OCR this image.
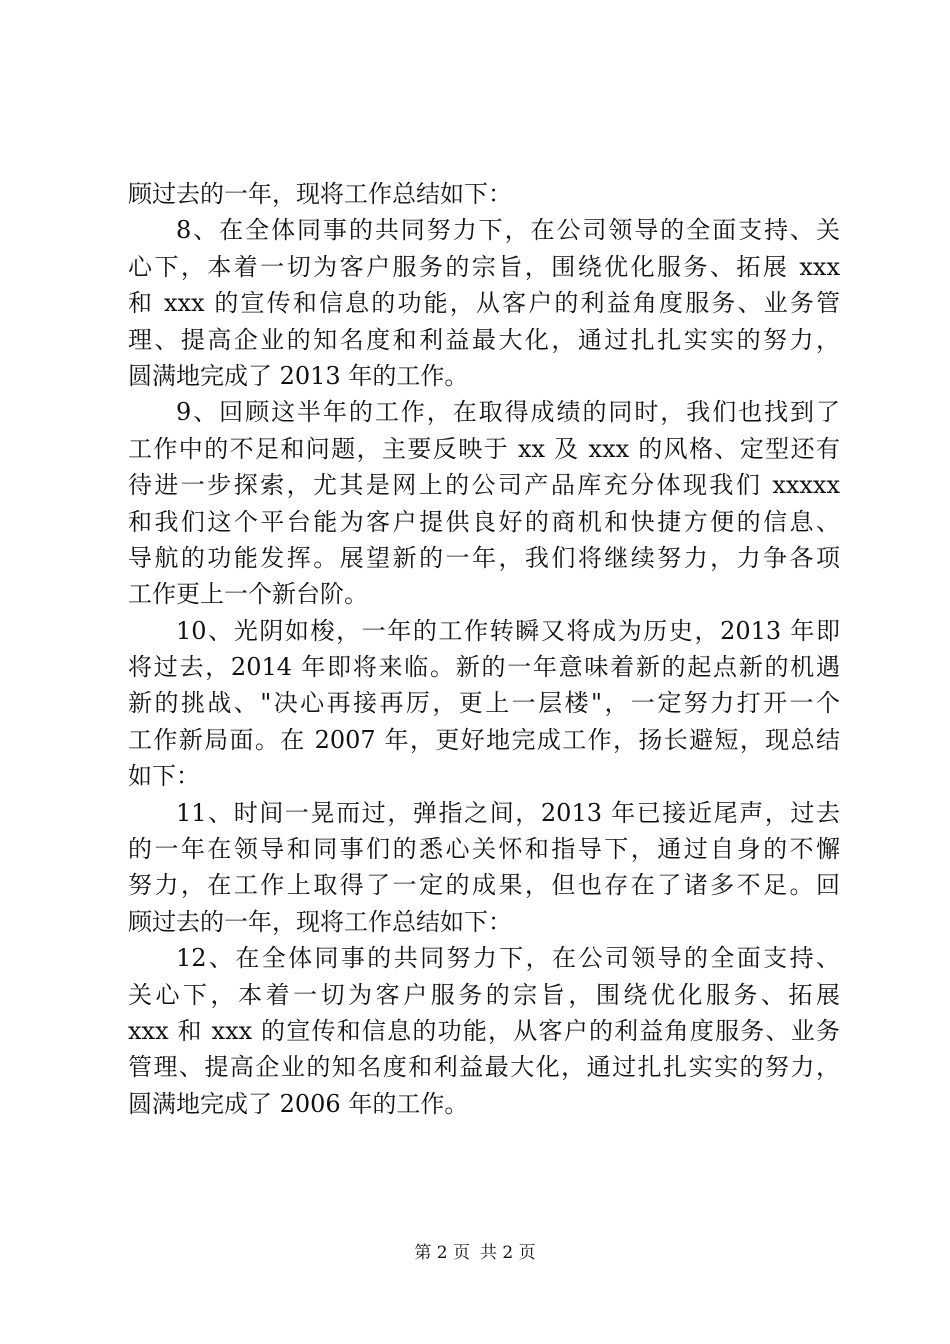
顾过去的一年，现将工作总结如下：
8、在全体同事的共同努力下，在公司领导的全面支持、关
心下，本着一切为客户服务的宗旨，围绕优化服务、拓展 xxx
和 xxx 的宣传和信息的功能，从客户的利益角度服务、业务管
理、提高企业的知名度和利益最大化，通过扎扎实实的努力，
圆满地完成了 2013 年的工作。
9、回顾这半年的工作，在取得成绩的同时，我们也找到了
工作中的不足和问题，主要反映于 xx 及 xxx 的风格、定型还有
待进一步探索，尤其是网上的公司产品库充分体现我们 xxxxx
和我们这个平台能为客户提供良好的商机和快捷方便的信息、
导航的功能发挥。展望新的一年，我们将继续努力，力争各项
工作更上一个新台阶。
10、光阴如梭，一年的工作转瞬又将成为历史，2013 年即
将过去，2014 年即将来临。新的一年意味着新的起点新的机遇
新的挑战、"决心再接再厉，更上一层楼"，一定努力打开一个
工作新局面。在 2007 年，更好地完成工作，扬长避短，现总结
如下：
11、时间一晃而过，弹指之间，2013 年已接近尾声，过去
的一年在领导和同事们的悉心关怀和指导下，通过自身的不懈
努力，在工作上取得了一定的成果，但也存在了诸多不足。回
顾过去的一年，现将工作总结如下：
12、在全体同事的共同努力下，在公司领导的全面支持、
关心下，本着一切为客户服务的宗旨，围绕优化服务、拓展
xxx 和 xxx 的宣传和信息的功能，从客户的利益角度服务、业务
管理、提高企业的知名度和利益最大化，通过扎扎实实的努力，
圆满地完成了 2006 年的工作。
第 2 页 共 2 页
